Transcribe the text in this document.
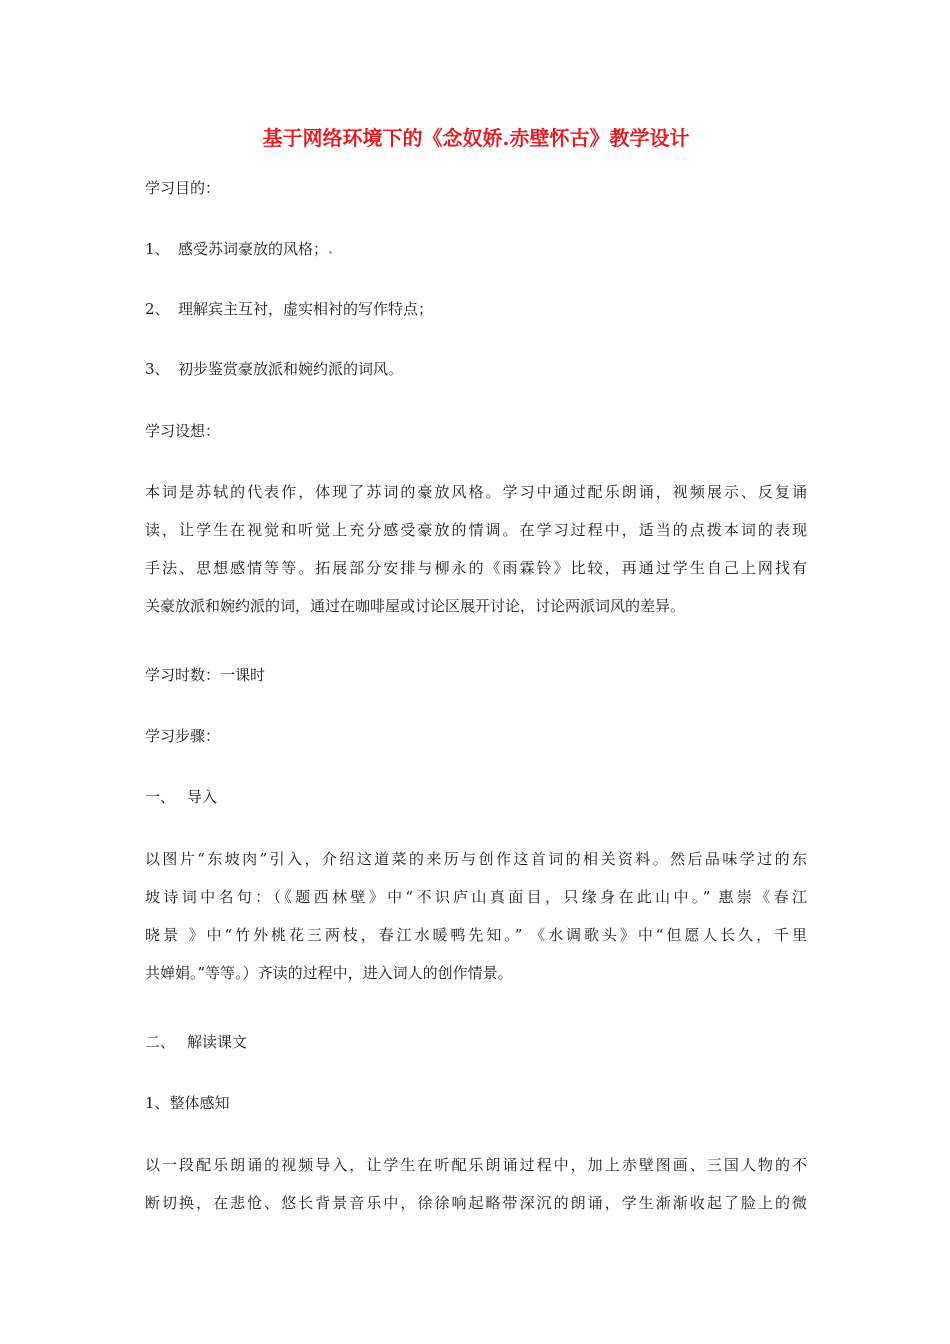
基于网络环境下的《念奴娇.赤壁怀古》教学设计

学习目的：

1、 感受苏词豪放的风格；

2、 理解宾主互衬，虚实相衬的写作特点；

3、 初步鉴赏豪放派和婉约派的词风。

学习设想：

本词是苏轼的代表作，体现了苏词的豪放风格。学习中通过配乐朗诵，视频展示、反复诵
读，让学生在视觉和听觉上充分感受豪放的情调。在学习过程中，适当的点拨本词的表现
手法、思想感情等等。拓展部分安排与柳永的《雨霖铃》比较，再通过学生自己上网找有
关豪放派和婉约派的词，通过在咖啡屋或讨论区展开讨论，讨论两派词风的差异。

学习时数：一课时

学习步骤：

一、 导入

以图片“东坡肉”引入，介绍这道菜的来历与创作这首词的相关资料。然后品味学过的东
坡诗词中名句：（《题西林壁》中“不识庐山真面目，只缘身在此山中。” 惠崇《春江
晓景 》中“竹外桃花三两枝，春江水暖鸭先知。” 《水调歌头》中“但愿人长久，千里
共婵娟。”等等。）齐读的过程中，进入词人的创作情景。

二、 解读课文

1、整体感知

以一段配乐朗诵的视频导入，让学生在听配乐朗诵过程中，加上赤壁图画、三国人物的不
断切换，在悲怆、悠长背景音乐中，徐徐响起略带深沉的朗诵，学生渐渐收起了脸上的微
